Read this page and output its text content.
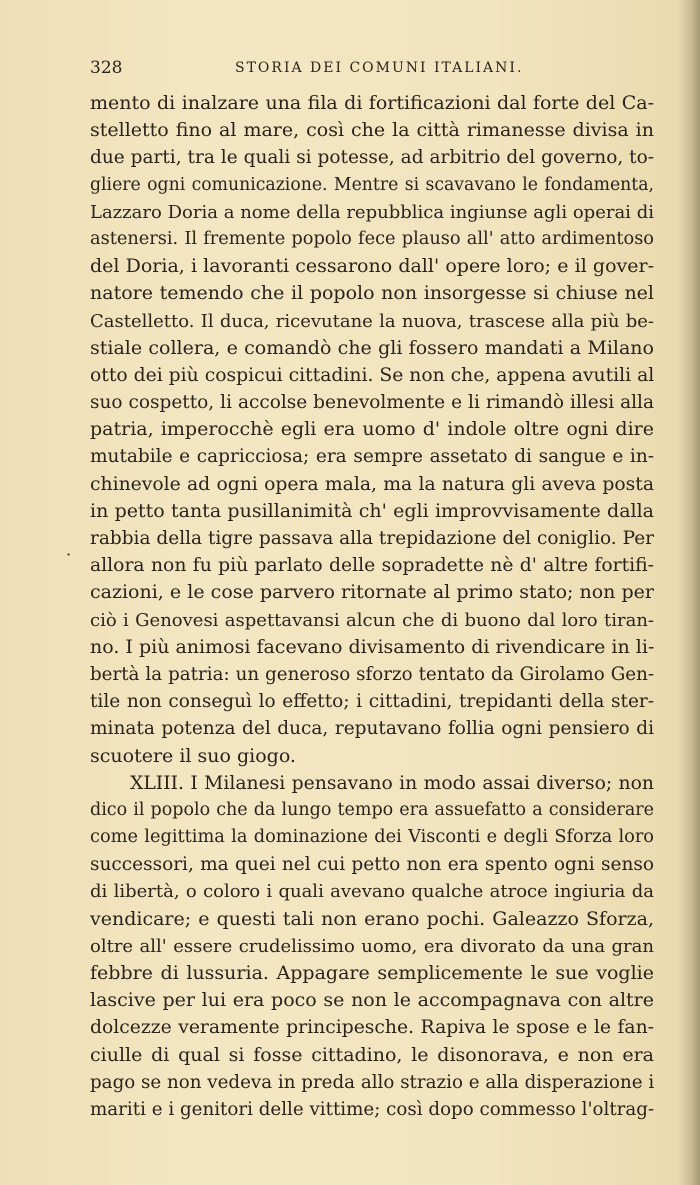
328	STORIA DEI COMUNI ITALIANI.
·
mento di inalzare una fila di fortificazioni dal forte del Ca-
stelletto fino al mare, così che la città rimanesse divisa in
due parti, tra le quali si potesse, ad arbitrio del governo, to-
gliere ogni comunicazione. Mentre si scavavano le fondamenta,
Lazzaro Doria a nome della repubblica ingiunse agli operai di
astenersi. Il fremente popolo fece plauso all' atto ardimentoso
del Doria, i lavoranti cessarono dall' opere loro; e il gover-
natore temendo che il popolo non insorgesse si chiuse nel
Castelletto. Il duca, ricevutane la nuova, trascese alla più be-
stiale collera, e comandò che gli fossero mandati a Milano
otto dei più cospicui cittadini. Se non che, appena avutili al
suo cospetto, li accolse benevolmente e li rimandò illesi alla
patria, imperocchè egli era uomo d' indole oltre ogni dire
mutabile e capricciosa; era sempre assetato di sangue e in-
chinevole ad ogni opera mala, ma la natura gli aveva posta
in petto tanta pusillanimità ch' egli improvvisamente dalla
rabbia della tigre passava alla trepidazione del coniglio. Per
allora non fu più parlato delle sopradette nè d' altre fortifi-
cazioni, e le cose parvero ritornate al primo stato; non per
ciò i Genovesi aspettavansi alcun che di buono dal loro tiran-
no. I più animosi facevano divisamento di rivendicare in li-
bertà la patria: un generoso sforzo tentato da Girolamo Gen-
tile non conseguì lo effetto; i cittadini, trepidanti della ster-
minata potenza del duca, reputavano follia ogni pensiero di
scuotere il suo giogo.
XLIII. I Milanesi pensavano in modo assai diverso; non
dico il popolo che da lungo tempo era assuefatto a considerare
come legittima la dominazione dei Visconti e degli Sforza loro
successori, ma quei nel cui petto non era spento ogni senso
di libertà, o coloro i quali avevano qualche atroce ingiuria da
vendicare; e questi tali non erano pochi. Galeazzo Sforza,
oltre all' essere crudelissimo uomo, era divorato da una gran
febbre di lussuria. Appagare semplicemente le sue voglie
lascive per lui era poco se non le accompagnava con altre
dolcezze veramente principesche. Rapiva le spose e le fan-
ciulle di qual si fosse cittadino, le disonorava, e non era
pago se non vedeva in preda allo strazio e alla disperazione i
mariti e i genitori delle vittime; così dopo commesso l'oltrag-
